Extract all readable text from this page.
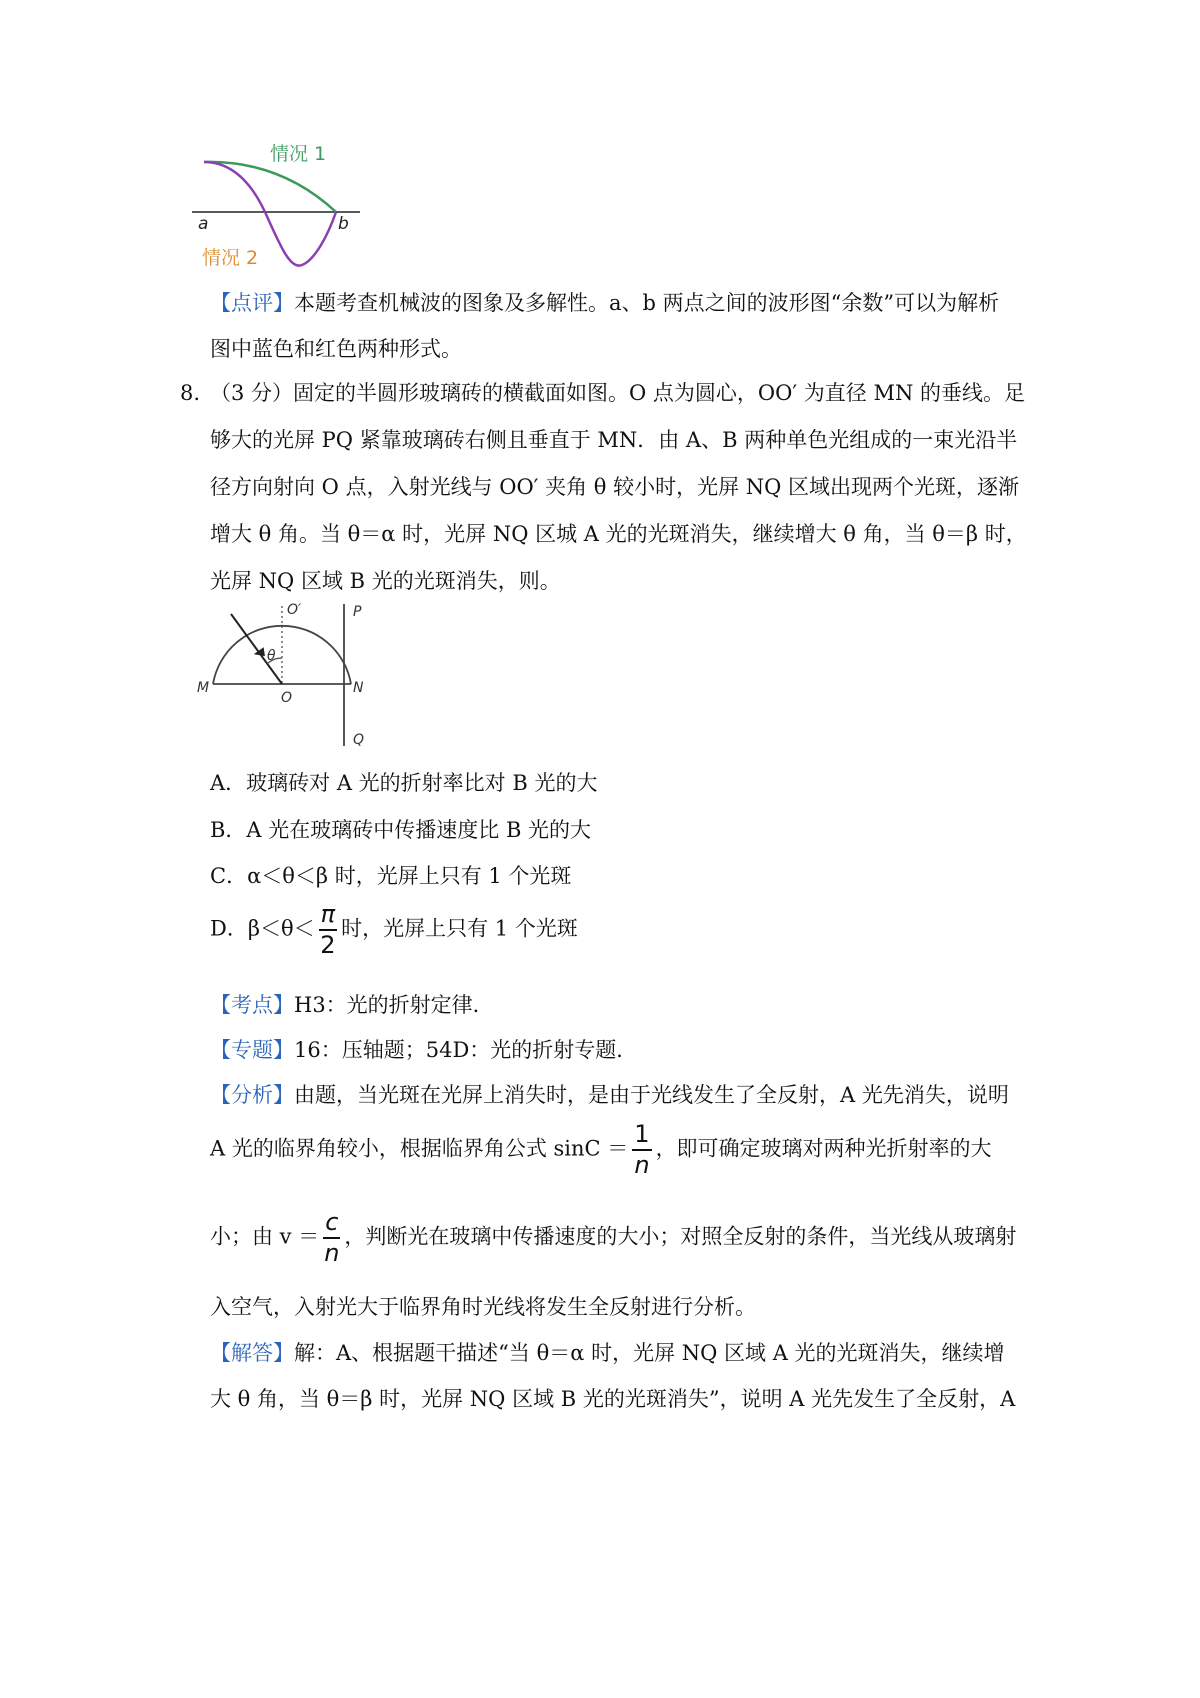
情况 1
情况 2
a	b
【点评】本题考查机械波的图象及多解性。a、b 两点之间的波形图“余数”可以为解析
图中蓝色和红色两种形式。
8. （3 分）固定的半圆形玻璃砖的横截面如图。O 点为圆心，OO′ 为直径 MN 的垂线。足
够大的光屏 PQ 紧靠玻璃砖右侧且垂直于 MN．由 A、B 两种单色光组成的一束光沿半
径方向射向 O 点，入射光线与 OO′ 夹角 θ 较小时，光屏 NQ 区域出现两个光斑，逐渐
增大 θ 角。当 θ＝α 时，光屏 NQ 区城 A 光的光斑消失，继续增大 θ 角，当 θ＝β 时，
光屏 NQ 区域 B 光的光斑消失，则。
O′	P
θ
M
O
N
Q
A．玻璃砖对 A 光的折射率比对 B 光的大
B．A 光在玻璃砖中传播速度比 B 光的大
C．α＜θ＜β 时，光屏上只有 1 个光斑
D．$\beta<\theta< \frac{\pi}{2}$ 时，光屏上只有 1 个光斑
【考点】H3：光的折射定律．
【专题】16：压轴题；54D：光的折射专题．
【分析】由题，当光斑在光屏上消失时，是由于光线发生了全反射，A 光先消失，说明
A 光的临界角较小，根据临界角公式 $\sin C = \frac{1}{n}$ ，即可确定玻璃对两种光折射率的大
小；由 $v = \frac{c}{n}$ ，判断光在玻璃中传播速度的大小；对照全反射的条件，当光线从玻璃射
入空气，入射光大于临界角时光线将发生全反射进行分析。
【解答】解：A、根据题干描述“当 θ＝α 时，光屏 NQ 区域 A 光的光斑消失，继续增
大 θ 角，当 θ＝β 时，光屏 NQ 区域 B 光的光斑消失”，说明 A 光先发生了全反射，A
